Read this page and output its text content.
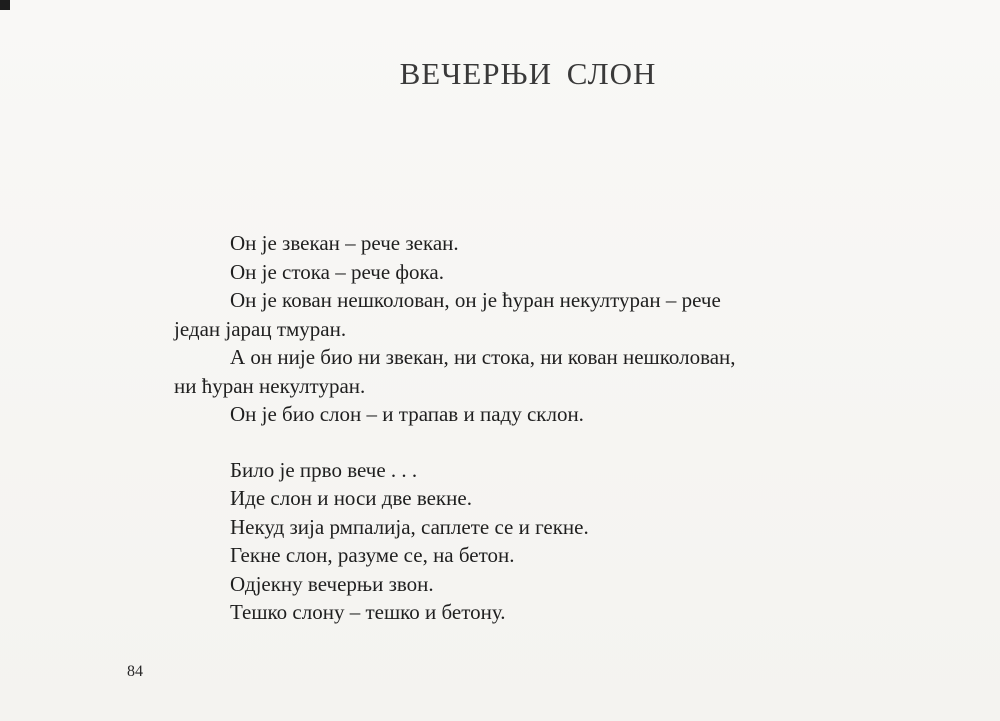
ВЕЧЕРЊИ СЛОН
Он је звекан – рече зекан.
Он је стока – рече фока.
Он је кован нешколован, он је ћуран некултуран – рече
један јарац тмуран.
А он није био ни звекан, ни стока, ни кован нешколован,
ни ћуран некултуран.
Он је био слон – и трапав и паду склон.
Било је прво вече . . .
Иде слон и носи две векне.
Некуд зија рмпалија, саплете се и гекне.
Гекне слон, разуме се, на бетон.
Одјекну вечерњи звон.
Тешко слону – тешко и бетону.
84
